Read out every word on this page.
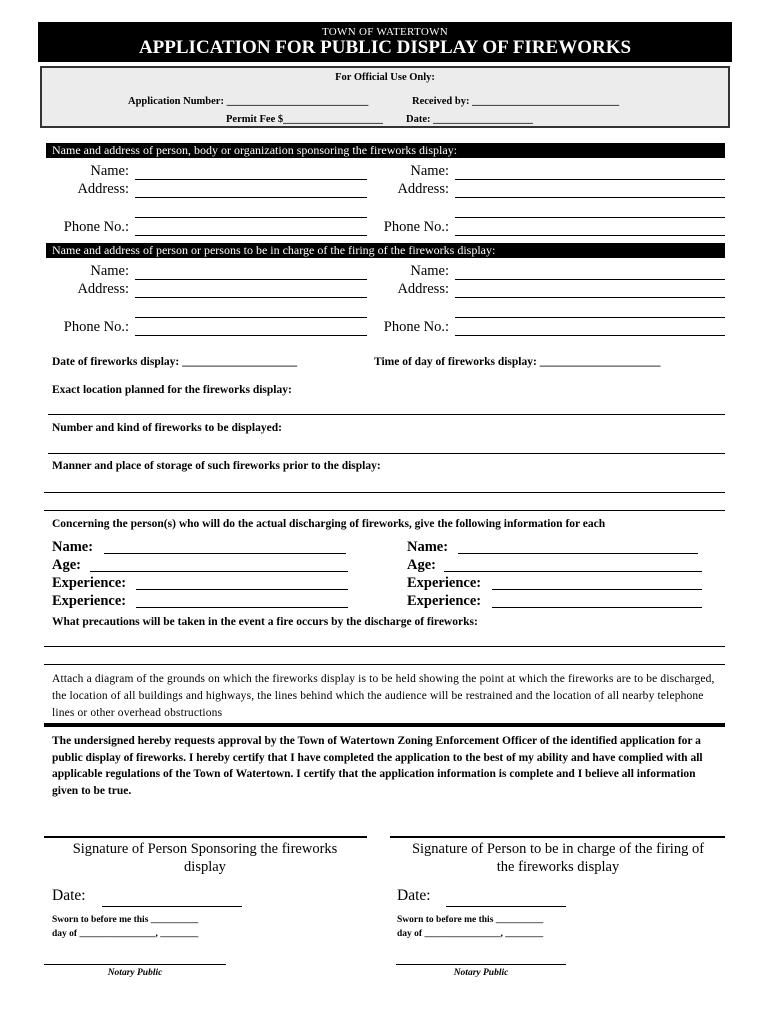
TOWN OF WATERTOWN
APPLICATION FOR PUBLIC DISPLAY OF FIREWORKS
For Official Use Only:
Application Number: ___________________________	Received by: ____________________________
Permit Fee $___________________ Date: ___________________
Name and address of person, body or organization sponsoring the fireworks display:
Name:
Address:
Phone No.:
Name:
Address:
Phone No.:
Name and address of person or persons to be in charge of the firing of the fireworks display:
Name:
Address:
Phone No.:
Name:
Address:
Phone No.:
Date of fireworks display: ____________________	Time of day of fireworks display: _____________________
Exact location planned for the fireworks display:
Number and kind of fireworks to be displayed:
Manner and place of storage of such fireworks prior to the display:
Concerning the person(s) who will do the actual discharging of fireworks, give the following information for each
Name:
Age:
Experience:
Experience:
Name:
Age:
Experience:
Experience:
What precautions will be taken in the event a fire occurs by the discharge of fireworks:
Attach a diagram of the grounds on which the fireworks display is to be held showing the point at which the fireworks are to be discharged, the location of all buildings and highways, the lines behind which the audience will be restrained and the location of all nearby telephone lines or other overhead obstructions
The undersigned hereby requests approval by the Town of Watertown Zoning Enforcement Officer of the identified application for a public display of fireworks. I hereby certify that I have completed the application to the best of my ability and have complied with all applicable regulations of the Town of Watertown. I certify that the application information is complete and I believe all information given to be true.
Signature of Person Sponsoring the fireworks display
Date:
Sworn to before me this __________
day of ________________, ________
Notary Public
Signature of Person to be in charge of the firing of the fireworks display
Date:
Sworn to before me this __________
day of ________________, ________
Notary Public
